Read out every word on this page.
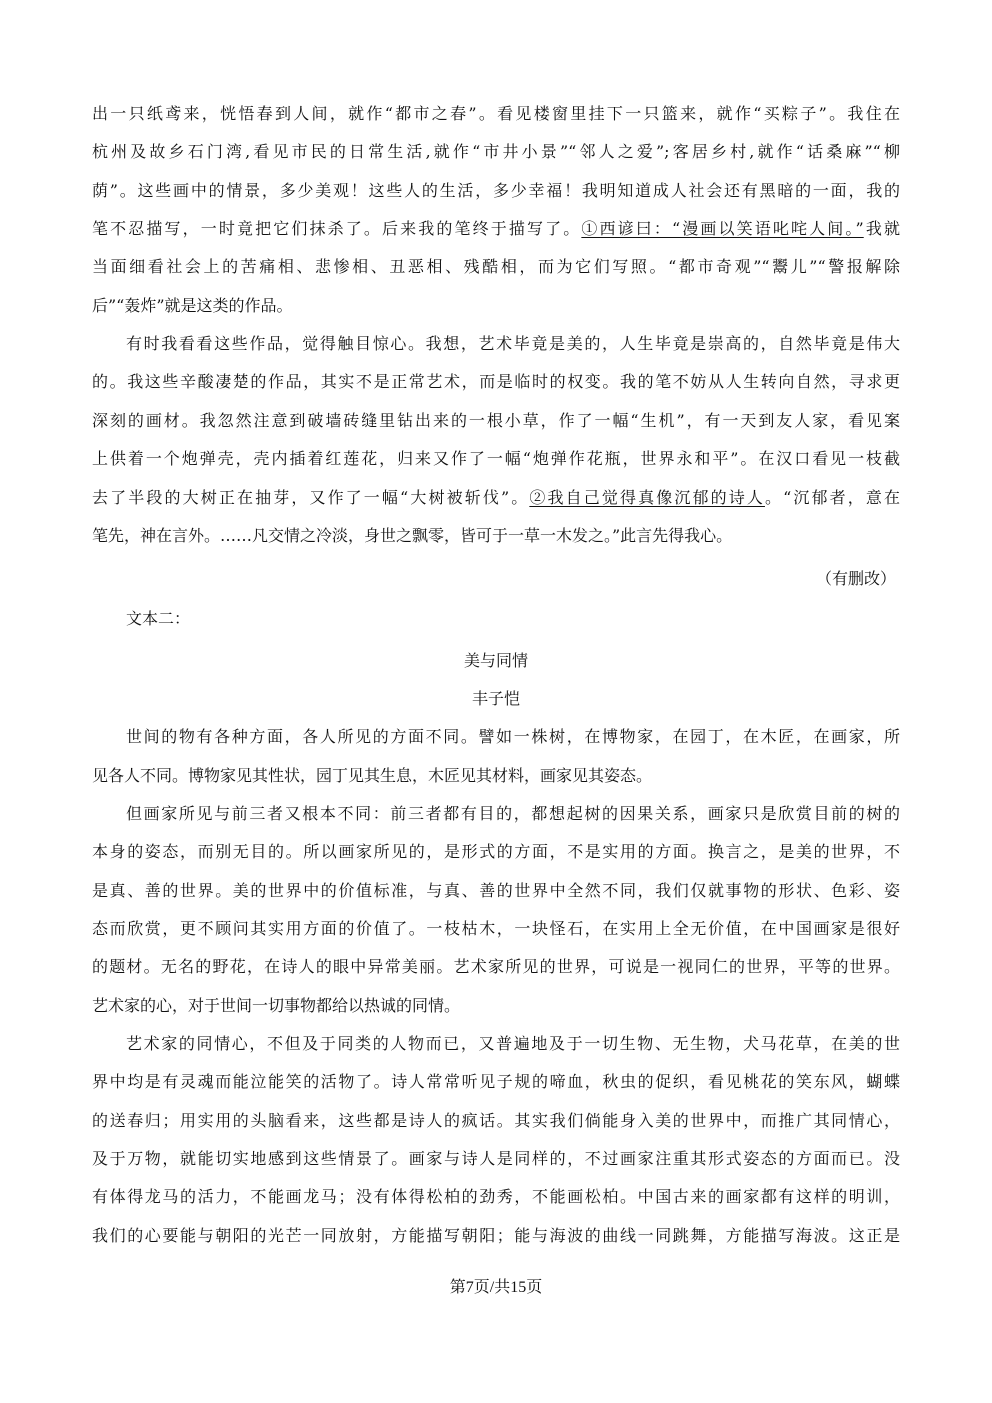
出一只纸鸢来，恍悟春到人间，就作“都市之春”。看见楼窗里挂下一只篮来，就作“买粽子”。我住在
杭州及故乡石门湾,看见市民的日常生活,就作“市井小景”“邻人之爱”;客居乡村,就作“话桑麻”“柳
荫”。这些画中的情景，多少美观！这些人的生活，多少幸福！我明知道成人社会还有黑暗的一面，我的
笔不忍描写，一时竟把它们抹杀了。后来我的笔终于描写了。①西谚曰：“漫画以笑语叱咤人间。”我就
当面细看社会上的苦痛相、悲惨相、丑恶相、残酷相，而为它们写照。“都市奇观”“鬻儿”“警报解除
后”“轰炸”就是这类的作品。
有时我看看这些作品，觉得触目惊心。我想，艺术毕竟是美的，人生毕竟是崇高的，自然毕竟是伟大
的。我这些辛酸凄楚的作品，其实不是正常艺术，而是临时的权变。我的笔不妨从人生转向自然，寻求更
深刻的画材。我忽然注意到破墙砖缝里钻出来的一根小草，作了一幅“生机”，有一天到友人家，看见案
上供着一个炮弹壳，壳内插着红莲花，归来又作了一幅“炮弹作花瓶，世界永和平”。在汉口看见一枝截
去了半段的大树正在抽芽，又作了一幅“大树被斩伐”。②我自己觉得真像沉郁的诗人。“沉郁者，意在
笔先，神在言外。……凡交情之冷淡，身世之飘零，皆可于一草一木发之。”此言先得我心。
（有删改）
文本二：
美与同情
丰子恺
世间的物有各种方面，各人所见的方面不同。譬如一株树，在博物家，在园丁，在木匠，在画家，所
见各人不同。博物家见其性状，园丁见其生息，木匠见其材料，画家见其姿态。
但画家所见与前三者又根本不同：前三者都有目的，都想起树的因果关系，画家只是欣赏目前的树的
本身的姿态，而别无目的。所以画家所见的，是形式的方面，不是实用的方面。换言之，是美的世界，不
是真、善的世界。美的世界中的价值标准，与真、善的世界中全然不同，我们仅就事物的形状、色彩、姿
态而欣赏，更不顾问其实用方面的价值了。一枝枯木，一块怪石，在实用上全无价值，在中国画家是很好
的题材。无名的野花，在诗人的眼中异常美丽。艺术家所见的世界，可说是一视同仁的世界，平等的世界。
艺术家的心，对于世间一切事物都给以热诚的同情。
艺术家的同情心，不但及于同类的人物而已，又普遍地及于一切生物、无生物，犬马花草，在美的世
界中均是有灵魂而能泣能笑的活物了。诗人常常听见子规的啼血，秋虫的促织，看见桃花的笑东风，蝴蝶
的送春归；用实用的头脑看来，这些都是诗人的疯话。其实我们倘能身入美的世界中，而推广其同情心，
及于万物，就能切实地感到这些情景了。画家与诗人是同样的，不过画家注重其形式姿态的方面而已。没
有体得龙马的活力，不能画龙马；没有体得松柏的劲秀，不能画松柏。中国古来的画家都有这样的明训，
我们的心要能与朝阳的光芒一同放射，方能描写朝阳；能与海波的曲线一同跳舞，方能描写海波。这正是
第7页/共15页
